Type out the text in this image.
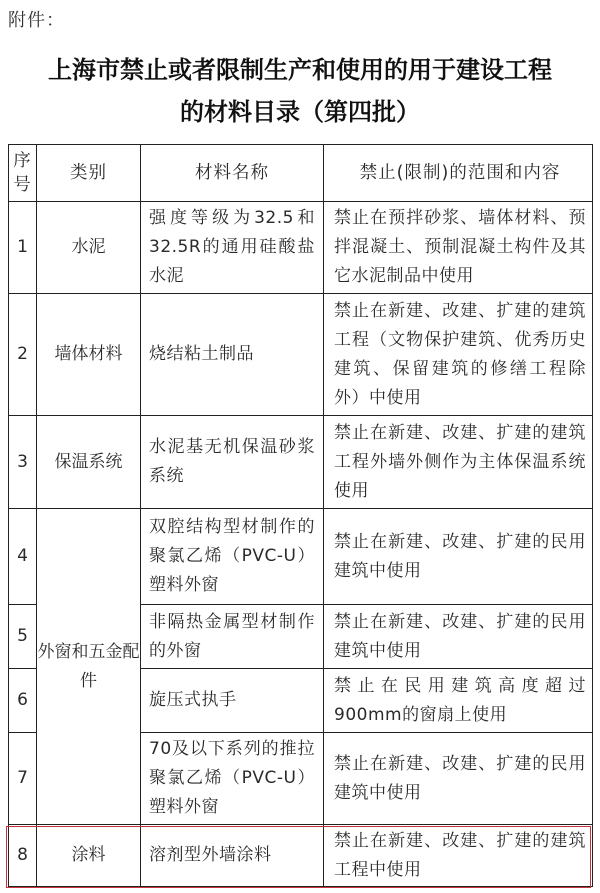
附件：
上海市禁止或者限制生产和使用的用于建设工程
的材料目录（第四批）
序
号	类别	材料名称	禁止(限制)的范围和内容
1	水泥	强度等级为32.5和32.5R的通用硅酸盐水泥	禁止在预拌砂浆、墙体材料、预拌混凝土、预制混凝土构件及其它水泥制品中使用
2	墙体材料	烧结粘土制品	禁止在新建、改建、扩建的建筑工程（文物保护建筑、优秀历史建筑、保留建筑的修缮工程除外）中使用
3	保温系统	水泥基无机保温砂浆系统	禁止在新建、改建、扩建的建筑工程外墙外侧作为主体保温系统使用
4	外窗和五金配件	双腔结构型材制作的聚氯乙烯（PVC-U）塑料外窗	禁止在新建、改建、扩建的民用建筑中使用
5		非隔热金属型材制作的外窗	禁止在新建、改建、扩建的民用建筑中使用
6		旋压式执手	禁止在民用建筑高度超过900mm的窗扇上使用
7		70及以下系列的推拉聚氯乙烯（PVC-U）塑料外窗	禁止在新建、改建、扩建的民用建筑中使用
8	涂料	溶剂型外墙涂料	禁止在新建、改建、扩建的建筑工程中使用
